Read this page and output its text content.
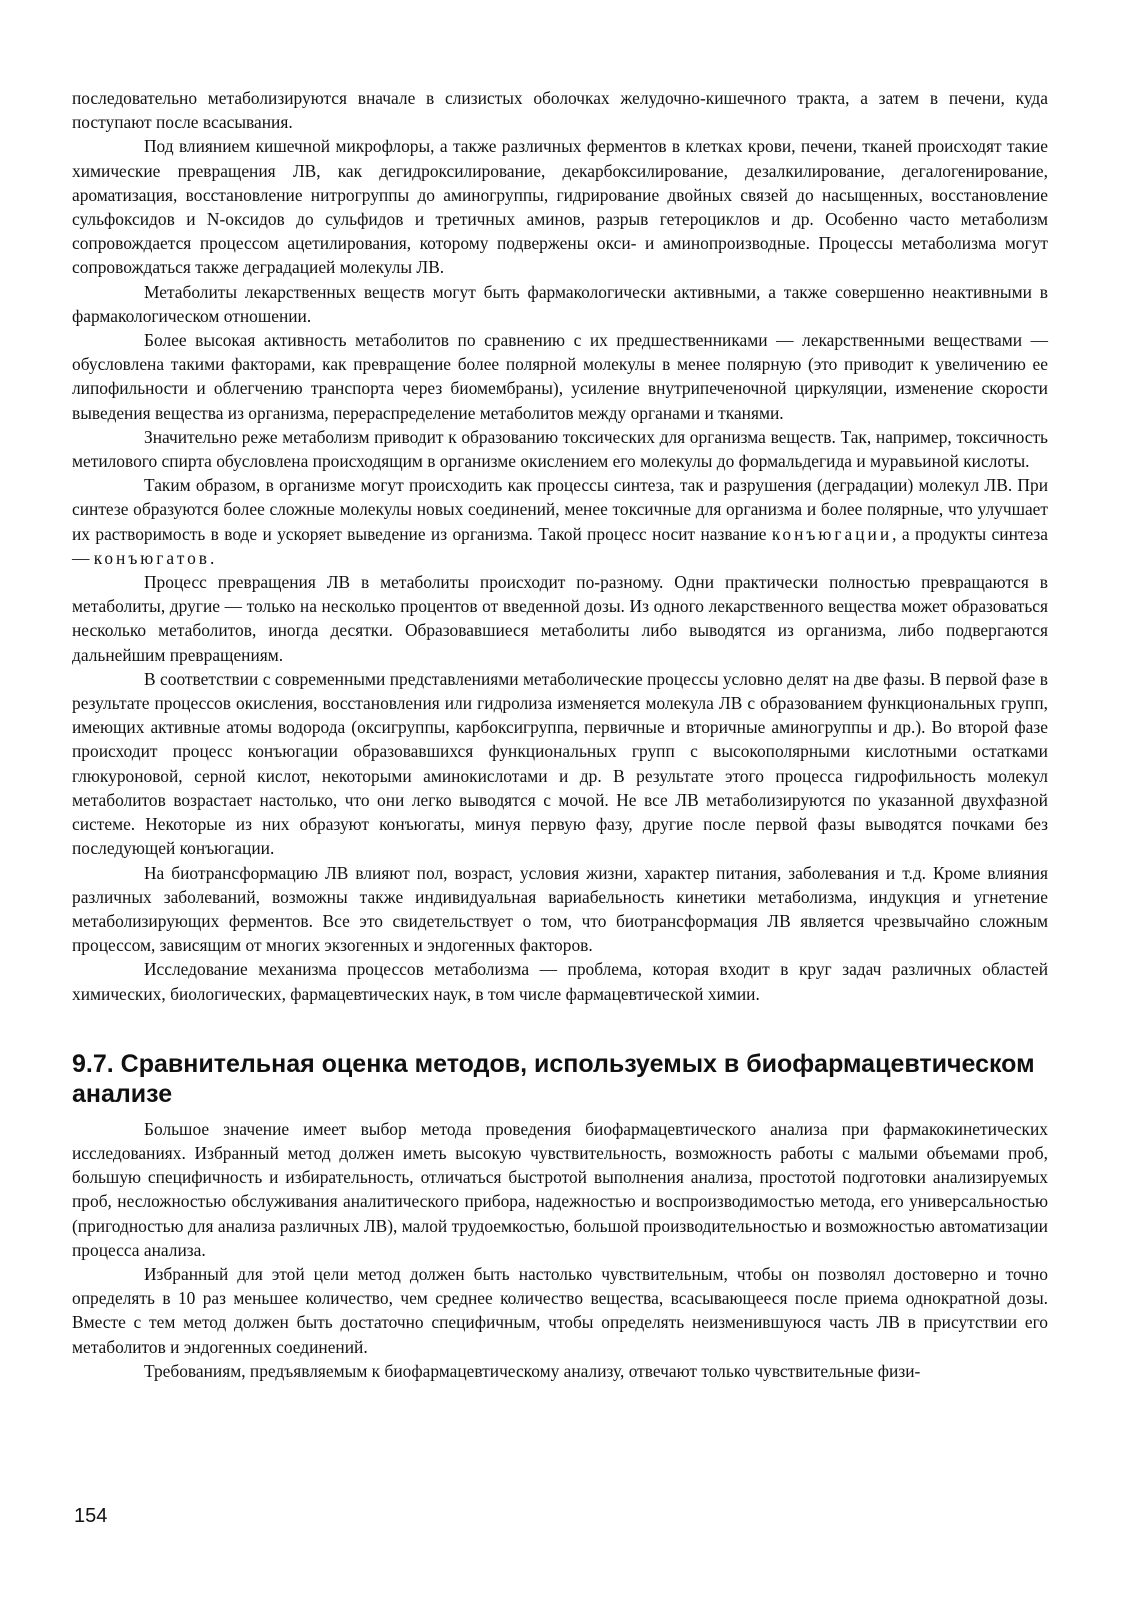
последовательно метаболизируются вначале в слизистых оболочках желудочно-кишечного тракта, а затем в печени, куда поступают после всасывания.

Под влиянием кишечной микрофлоры, а также различных ферментов в клетках крови, печени, тканей происходят такие химические превращения ЛВ, как дегидроксилирование, декарбоксилирование, дезалкилирование, дегалогенирование, ароматизация, восстановление нитрогруппы до аминогруппы, гидрирование двойных связей до насыщенных, восстановление сульфоксидов и N-оксидов до сульфидов и третичных аминов, разрыв гетероциклов и др. Особенно часто метаболизм сопровождается процессом ацетилирования, которому подвержены окси- и аминопроизводные. Процессы метаболизма могут сопровождаться также деградацией молекулы ЛВ.

Метаболиты лекарственных веществ могут быть фармакологически активными, а также совершенно неактивными в фармакологическом отношении.

Более высокая активность метаболитов по сравнению с их предшественниками — лекарственными веществами — обусловлена такими факторами, как превращение более полярной молекулы в менее полярную (это приводит к увеличению ее липофильности и облегчению транспорта через биомембраны), усиление внутрипеченочной циркуляции, изменение скорости выведения вещества из организма, перераспределение метаболитов между органами и тканями.

Значительно реже метаболизм приводит к образованию токсических для организма веществ. Так, например, токсичность метилового спирта обусловлена происходящим в организме окислением его молекулы до формальдегида и муравьиной кислоты.

Таким образом, в организме могут происходить как процессы синтеза, так и разрушения (деградации) молекул ЛВ. При синтезе образуются более сложные молекулы новых соединений, менее токсичные для организма и более полярные, что улучшает их растворимость в воде и ускоряет выведение из организма. Такой процесс носит название конъюгации, а продукты синтеза — конъюгатов.

Процесс превращения ЛВ в метаболиты происходит по-разному. Одни практически полностью превращаются в метаболиты, другие — только на несколько процентов от введенной дозы. Из одного лекарственного вещества может образоваться несколько метаболитов, иногда десятки. Образовавшиеся метаболиты либо выводятся из организма, либо подвергаются дальнейшим превращениям.

В соответствии с современными представлениями метаболические процессы условно делят на две фазы. В первой фазе в результате процессов окисления, восстановления или гидролиза изменяется молекула ЛВ с образованием функциональных групп, имеющих активные атомы водорода (оксигруппы, карбоксигруппа, первичные и вторичные аминогруппы и др.). Во второй фазе происходит процесс конъюгации образовавшихся функциональных групп с высокополярными кислотными остатками глюкуроновой, серной кислот, некоторыми аминокислотами и др. В результате этого процесса гидрофильность молекул метаболитов возрастает настолько, что они легко выводятся с мочой. Не все ЛВ метаболизируются по указанной двухфазной системе. Некоторые из них образуют конъюгаты, минуя первую фазу, другие после первой фазы выводятся почками без последующей конъюгации.

На биотрансформацию ЛВ влияют пол, возраст, условия жизни, характер питания, заболевания и т.д. Кроме влияния различных заболеваний, возможны также индивидуальная вариабельность кинетики метаболизма, индукция и угнетение метаболизирующих ферментов. Все это свидетельствует о том, что биотрансформация ЛВ является чрезвычайно сложным процессом, зависящим от многих экзогенных и эндогенных факторов.

Исследование механизма процессов метаболизма — проблема, которая входит в круг задач различных областей химических, биологических, фармацевтических наук, в том числе фармацевтической химии.

9.7. Сравнительная оценка методов, используемых в биофармацевтическом анализе

Большое значение имеет выбор метода проведения биофармацевтического анализа при фармакокинетических исследованиях. Избранный метод должен иметь высокую чувствительность, возможность работы с малыми объемами проб, большую специфичность и избирательность, отличаться быстротой выполнения анализа, простотой подготовки анализируемых проб, несложностью обслуживания аналитического прибора, надежностью и воспроизводимостью метода, его универсальностью (пригодностью для анализа различных ЛВ), малой трудоемкостью, большой производительностью и возможностью автоматизации процесса анализа.

Избранный для этой цели метод должен быть настолько чувствительным, чтобы он позволял достоверно и точно определять в 10 раз меньшее количество, чем среднее количество вещества, всасывающееся после приема однократной дозы. Вместе с тем метод должен быть достаточно специфичным, чтобы определять неизменившуюся часть ЛВ в присутствии его метаболитов и эндогенных соединений.

Требованиям, предъявляемым к биофармацевтическому анализу, отвечают только чувствительные физи-

154
